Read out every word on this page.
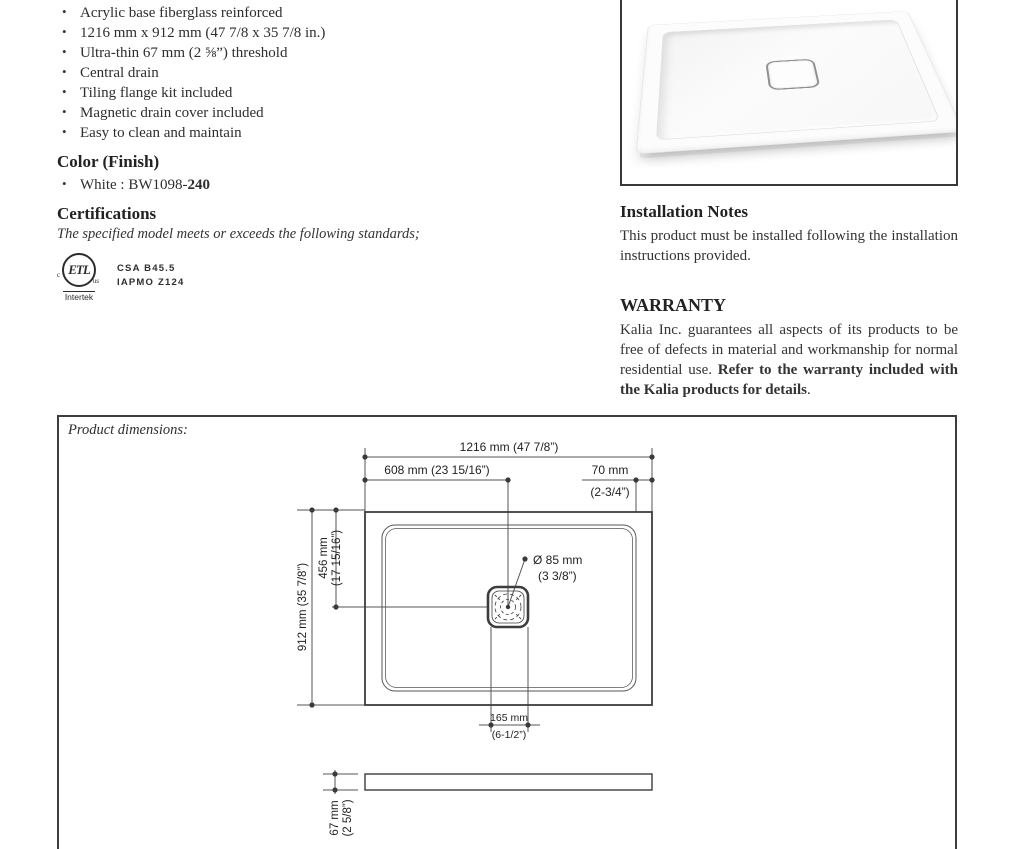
• Acrylic base fiberglass reinforced
• 1216 mm x 912 mm (47 7/8 x 35 7/8 in.)
• Ultra-thin 67 mm (2 ⅝”) threshold
• Central drain
• Tiling flange kit included
• Magnetic drain cover included
• Easy to clean and maintain
Color (Finish)
• White : BW1098-240
Certifications

The specified model meets or exceeds the following standards;

c ETL
us
Intertek
CSA B45.5
IAPMO Z124
Installation Notes

This product must be installed following the installation instructions provided.

WARRANTY

Kalia Inc. guarantees all aspects of its products to be free of defects in material and workmanship for normal residential use. Refer to the warranty included with the Kalia products for details.

Product dimensions:
1216 mm (47 7/8”)
608 mm (23 15/16”)	70 mm
(2-3/4”)
912 mm (35 7/8”)
456 mm (17 15/16”)	Ø 85 mm
(3 3/8”)
165 mm
(6-1/2”)
67 mm (2 5/8”)
